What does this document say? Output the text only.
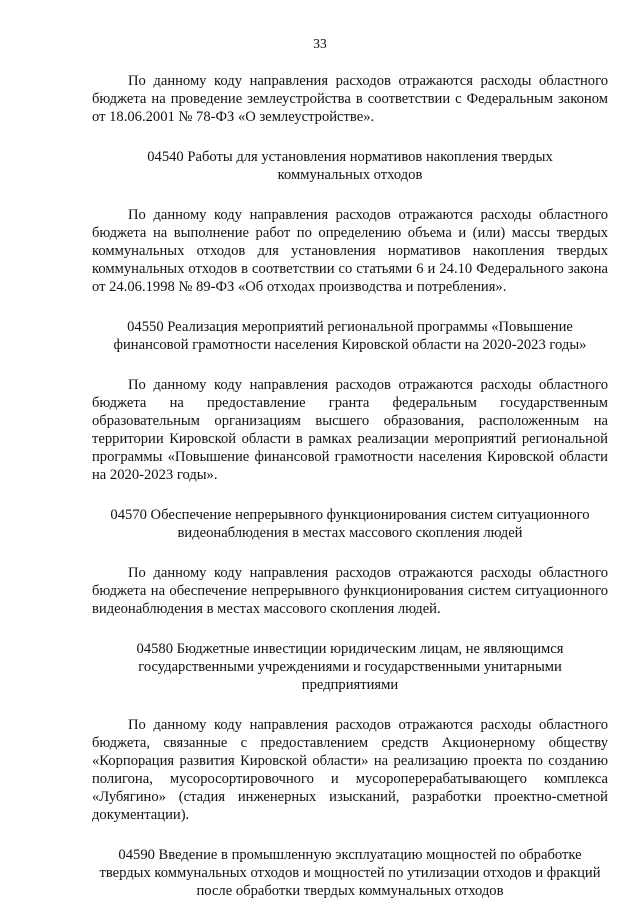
33

По данному коду направления расходов отражаются расходы областного бюджета на проведение землеустройства в соответствии с Федеральным законом от 18.06.2001 № 78-ФЗ «О землеустройстве».

04540 Работы для установления нормативов накопления твердых коммунальных отходов

По данному коду направления расходов отражаются расходы областного бюджета на выполнение работ по определению объема и (или) массы твердых коммунальных отходов для установления нормативов накопления твердых коммунальных отходов в соответствии со статьями 6 и 24.10 Федерального закона от 24.06.1998 № 89-ФЗ «Об отходах производства и потребления».

04550 Реализация мероприятий региональной программы «Повышение финансовой грамотности населения Кировской области на 2020-2023 годы»

По данному коду направления расходов отражаются расходы областного бюджета на предоставление гранта федеральным государственным образовательным организациям высшего образования, расположенным на территории Кировской области в рамках реализации мероприятий региональной программы «Повышение финансовой грамотности населения Кировской области на 2020-2023 годы».

04570 Обеспечение непрерывного функционирования систем ситуационного видеонаблюдения в местах массового скопления людей

По данному коду направления расходов отражаются расходы областного бюджета на обеспечение непрерывного функционирования систем ситуационного видеонаблюдения в местах массового скопления людей.

04580 Бюджетные инвестиции юридическим лицам, не являющимся государственными учреждениями и государственными унитарными предприятиями

По данному коду направления расходов отражаются расходы областного бюджета, связанные с предоставлением средств Акционерному обществу «Корпорация развития Кировской области» на реализацию проекта по созданию полигона, мусоросортировочного и мусороперерабатывающего комплекса «Лубягино» (стадия инженерных изысканий, разработки проектно-сметной документации).

04590 Введение в промышленную эксплуатацию мощностей по обработке твердых коммунальных отходов и мощностей по утилизации отходов и фракций после обработки твердых коммунальных отходов
